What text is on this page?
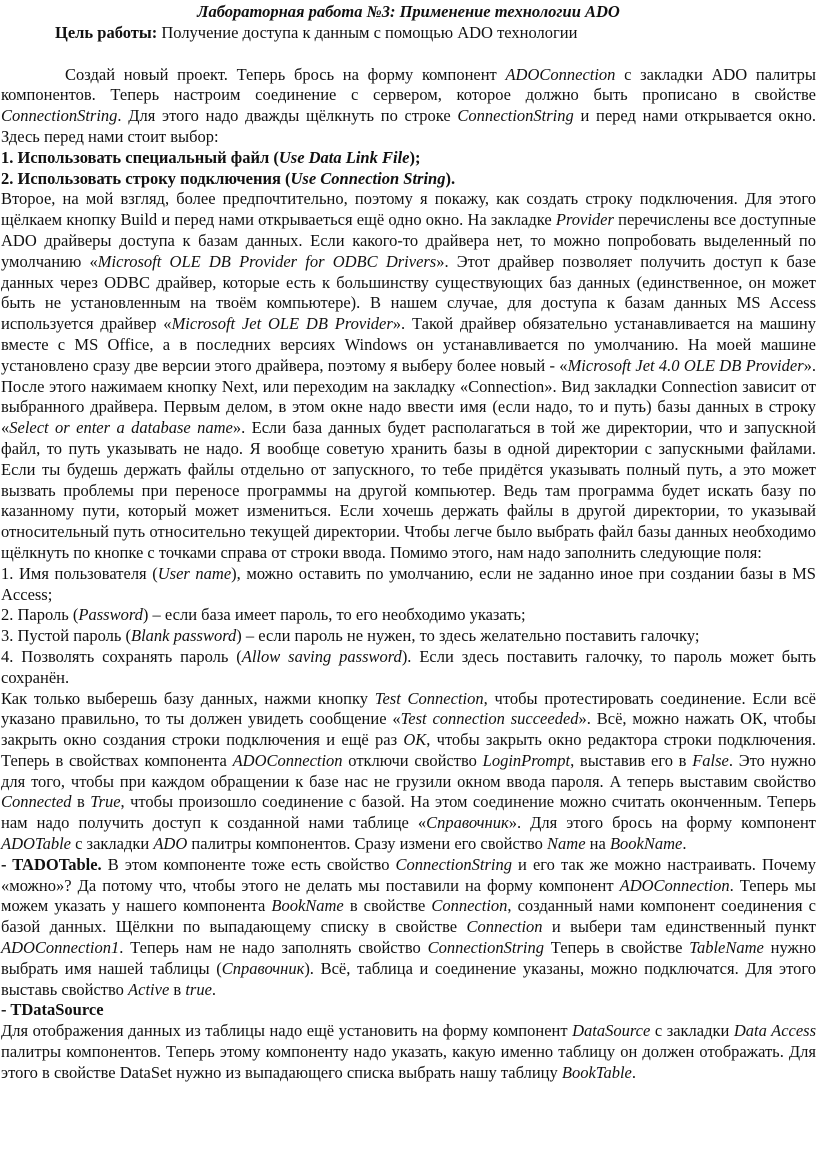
Лабораторная работа №3: Применение технологии ADO
Цель работы: Получение доступа к данным с помощью ADO технологии

Создай новый проект. Теперь брось на форму компонент ADOConnection с закладки ADO палитры компонентов. Теперь настроим соединение с сервером, которое должно быть прописано в свойстве ConnectionString. Для этого надо дважды щёлкнуть по строке ConnectionString и перед нами открывается окно. Здесь перед нами стоит выбор:

1. Использовать специальный файл (Use Data Link File);

2. Использовать строку подключения (Use Connection String).

Второе, на мой взгляд, более предпочтительно, поэтому я покажу, как создать строку подключения. Для этого щёлкаем кнопку Build и перед нами открываеться ещё одно окно. На закладке Provider перечислены все доступные ADO драйверы доступа к базам данных. Если какого-то драйвера нет, то можно попробовать выделенный по умолчанию «Microsoft OLE DB Provider for ODBC Drivers». Этот драйвер позволяет получить доступ к базе данных через ODBC драйвер, которые есть к большинству существующих баз данных (единственное, он может быть не установленным на твоём компьютере). В нашем случае, для доступа к базам данных MS Access используется драйвер «Microsoft Jet OLE DB Provider». Такой драйвер обязательно устанавливается на машину вместе с MS Office, а в последних версиях Windows он устанавливается по умолчанию. На моей машине установлено сразу две версии этого драйвера, поэтому я выберу более новый - «Microsoft Jet 4.0 OLE DB Provider». После этого нажимаем кнопку Next, или переходим на закладку «Connection». Вид закладки Connection зависит от выбранного драйвера. Первым делом, в этом окне надо ввести имя (если надо, то и путь) базы данных в строку «Select or enter a database name». Если база данных будет располагаться в той же директории, что и запускной файл, то путь указывать не надо. Я вообще советую хранить базы в одной директории с запускными файлами. Если ты будешь держать файлы отдельно от запускного, то тебе придётся указывать полный путь, а это может вызвать проблемы при переносе программы на другой компьютер. Ведь там программа будет искать базу по казанному пути, который может измениться. Если хочешь держать файлы в другой директории, то указывай относительный путь относительно текущей директории. Чтобы легче было выбрать файл базы данных необходимо щёлкнуть по кнопке с точками справа от строки ввода. Помимо этого, нам надо заполнить следующие поля:

1. Имя пользователя (User name), можно оставить по умолчанию, если не заданно иное при создании базы в MS Access;

2. Пароль (Password) – если база имеет пароль, то его необходимо указать;

3. Пустой пароль (Blank password) – если пароль не нужен, то здесь желательно поставить галочку;

4. Позволять сохранять пароль (Allow saving password). Если здесь поставить галочку, то пароль может быть сохранён.

Как только выберешь базу данных, нажми кнопку Test Connection, чтобы протестировать соединение. Если всё указано правильно, то ты должен увидеть сообщение «Test connection succeeded». Всё, можно нажать ОК, чтобы закрыть окно создания строки подключения и ещё раз ОК, чтобы закрыть окно редактора строки подключения. Теперь в свойствах компонента ADOConnection отключи свойство LoginPrompt, выставив его в False. Это нужно для того, чтобы при каждом обращении к базе нас не грузили окном ввода пароля. А теперь выставим свойство Connected в True, чтобы произошло соединение с базой. На этом соединение можно считать оконченным. Теперь нам надо получить доступ к созданной нами таблице «Справочник». Для этого брось на форму компонент ADOTable с закладки ADO палитры компонентов. Сразу измени его свойство Name на BookName.

- TADOTable. В этом компоненте тоже есть свойство ConnectionString и его так же можно настраивать. Почему «можно»? Да потому что, чтобы этого не делать мы поставили на форму компонент ADOConnection. Теперь мы можем указать у нашего компонента BookName в свойстве Connection, созданный нами компонент соединения с базой данных. Щёлкни по выпадающему списку в свойстве Connection и выбери там единственный пункт ADOConnection1. Теперь нам не надо заполнять свойство ConnectionString Теперь в свойстве TableName нужно выбрать имя нашей таблицы (Справочник). Всё, таблица и соединение указаны, можно подключатся. Для этого выставь свойство Active в true.

- TDataSource

Для отображения данных из таблицы надо ещё установить на форму компонент DataSource с закладки Data Access палитры компонентов. Теперь этому компоненту надо указать, какую именно таблицу он должен отображать. Для этого в свойстве DataSet нужно из выпадающего списка выбрать нашу таблицу BookTable.
